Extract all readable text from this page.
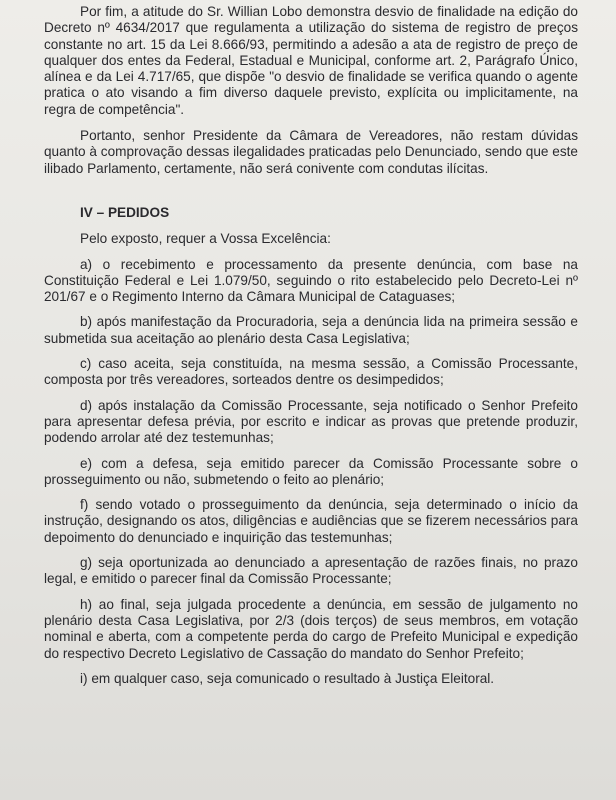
Por fim, a atitude do Sr. Willian Lobo demonstra desvio de finalidade na edição do Decreto nº 4634/2017 que regulamenta a utilização do sistema de registro de preços constante no art. 15 da Lei 8.666/93, permitindo a adesão a ata de registro de preço de qualquer dos entes da Federal, Estadual e Municipal, conforme art. 2, Parágrafo Único, alínea e da Lei 4.717/65, que dispõe "o desvio de finalidade se verifica quando o agente pratica o ato visando a fim diverso daquele previsto, explícita ou implicitamente, na regra de competência".

Portanto, senhor Presidente da Câmara de Vereadores, não restam dúvidas quanto à comprovação dessas ilegalidades praticadas pelo Denunciado, sendo que este ilibado Parlamento, certamente, não será conivente com condutas ilícitas.

IV – PEDIDOS

Pelo exposto, requer a Vossa Excelência:

a) o recebimento e processamento da presente denúncia, com base na Constituição Federal e Lei 1.079/50, seguindo o rito estabelecido pelo Decreto-Lei nº 201/67 e o Regimento Interno da Câmara Municipal de Cataguases;

b) após manifestação da Procuradoria, seja a denúncia lida na primeira sessão e submetida sua aceitação ao plenário desta Casa Legislativa;

c) caso aceita, seja constituída, na mesma sessão, a Comissão Processante, composta por três vereadores, sorteados dentre os desimpedidos;

d) após instalação da Comissão Processante, seja notificado o Senhor Prefeito para apresentar defesa prévia, por escrito e indicar as provas que pretende produzir, podendo arrolar até dez testemunhas;

e) com a defesa, seja emitido parecer da Comissão Processante sobre o prosseguimento ou não, submetendo o feito ao plenário;

f) sendo votado o prosseguimento da denúncia, seja determinado o início da instrução, designando os atos, diligências e audiências que se fizerem necessários para depoimento do denunciado e inquirição das testemunhas;

g) seja oportunizada ao denunciado a apresentação de razões finais, no prazo legal, e emitido o parecer final da Comissão Processante;

h) ao final, seja julgada procedente a denúncia, em sessão de julgamento no plenário desta Casa Legislativa, por 2/3 (dois terços) de seus membros, em votação nominal e aberta, com a competente perda do cargo de Prefeito Municipal e expedição do respectivo Decreto Legislativo de Cassação do mandato do Senhor Prefeito;

i) em qualquer caso, seja comunicado o resultado à Justiça Eleitoral.
